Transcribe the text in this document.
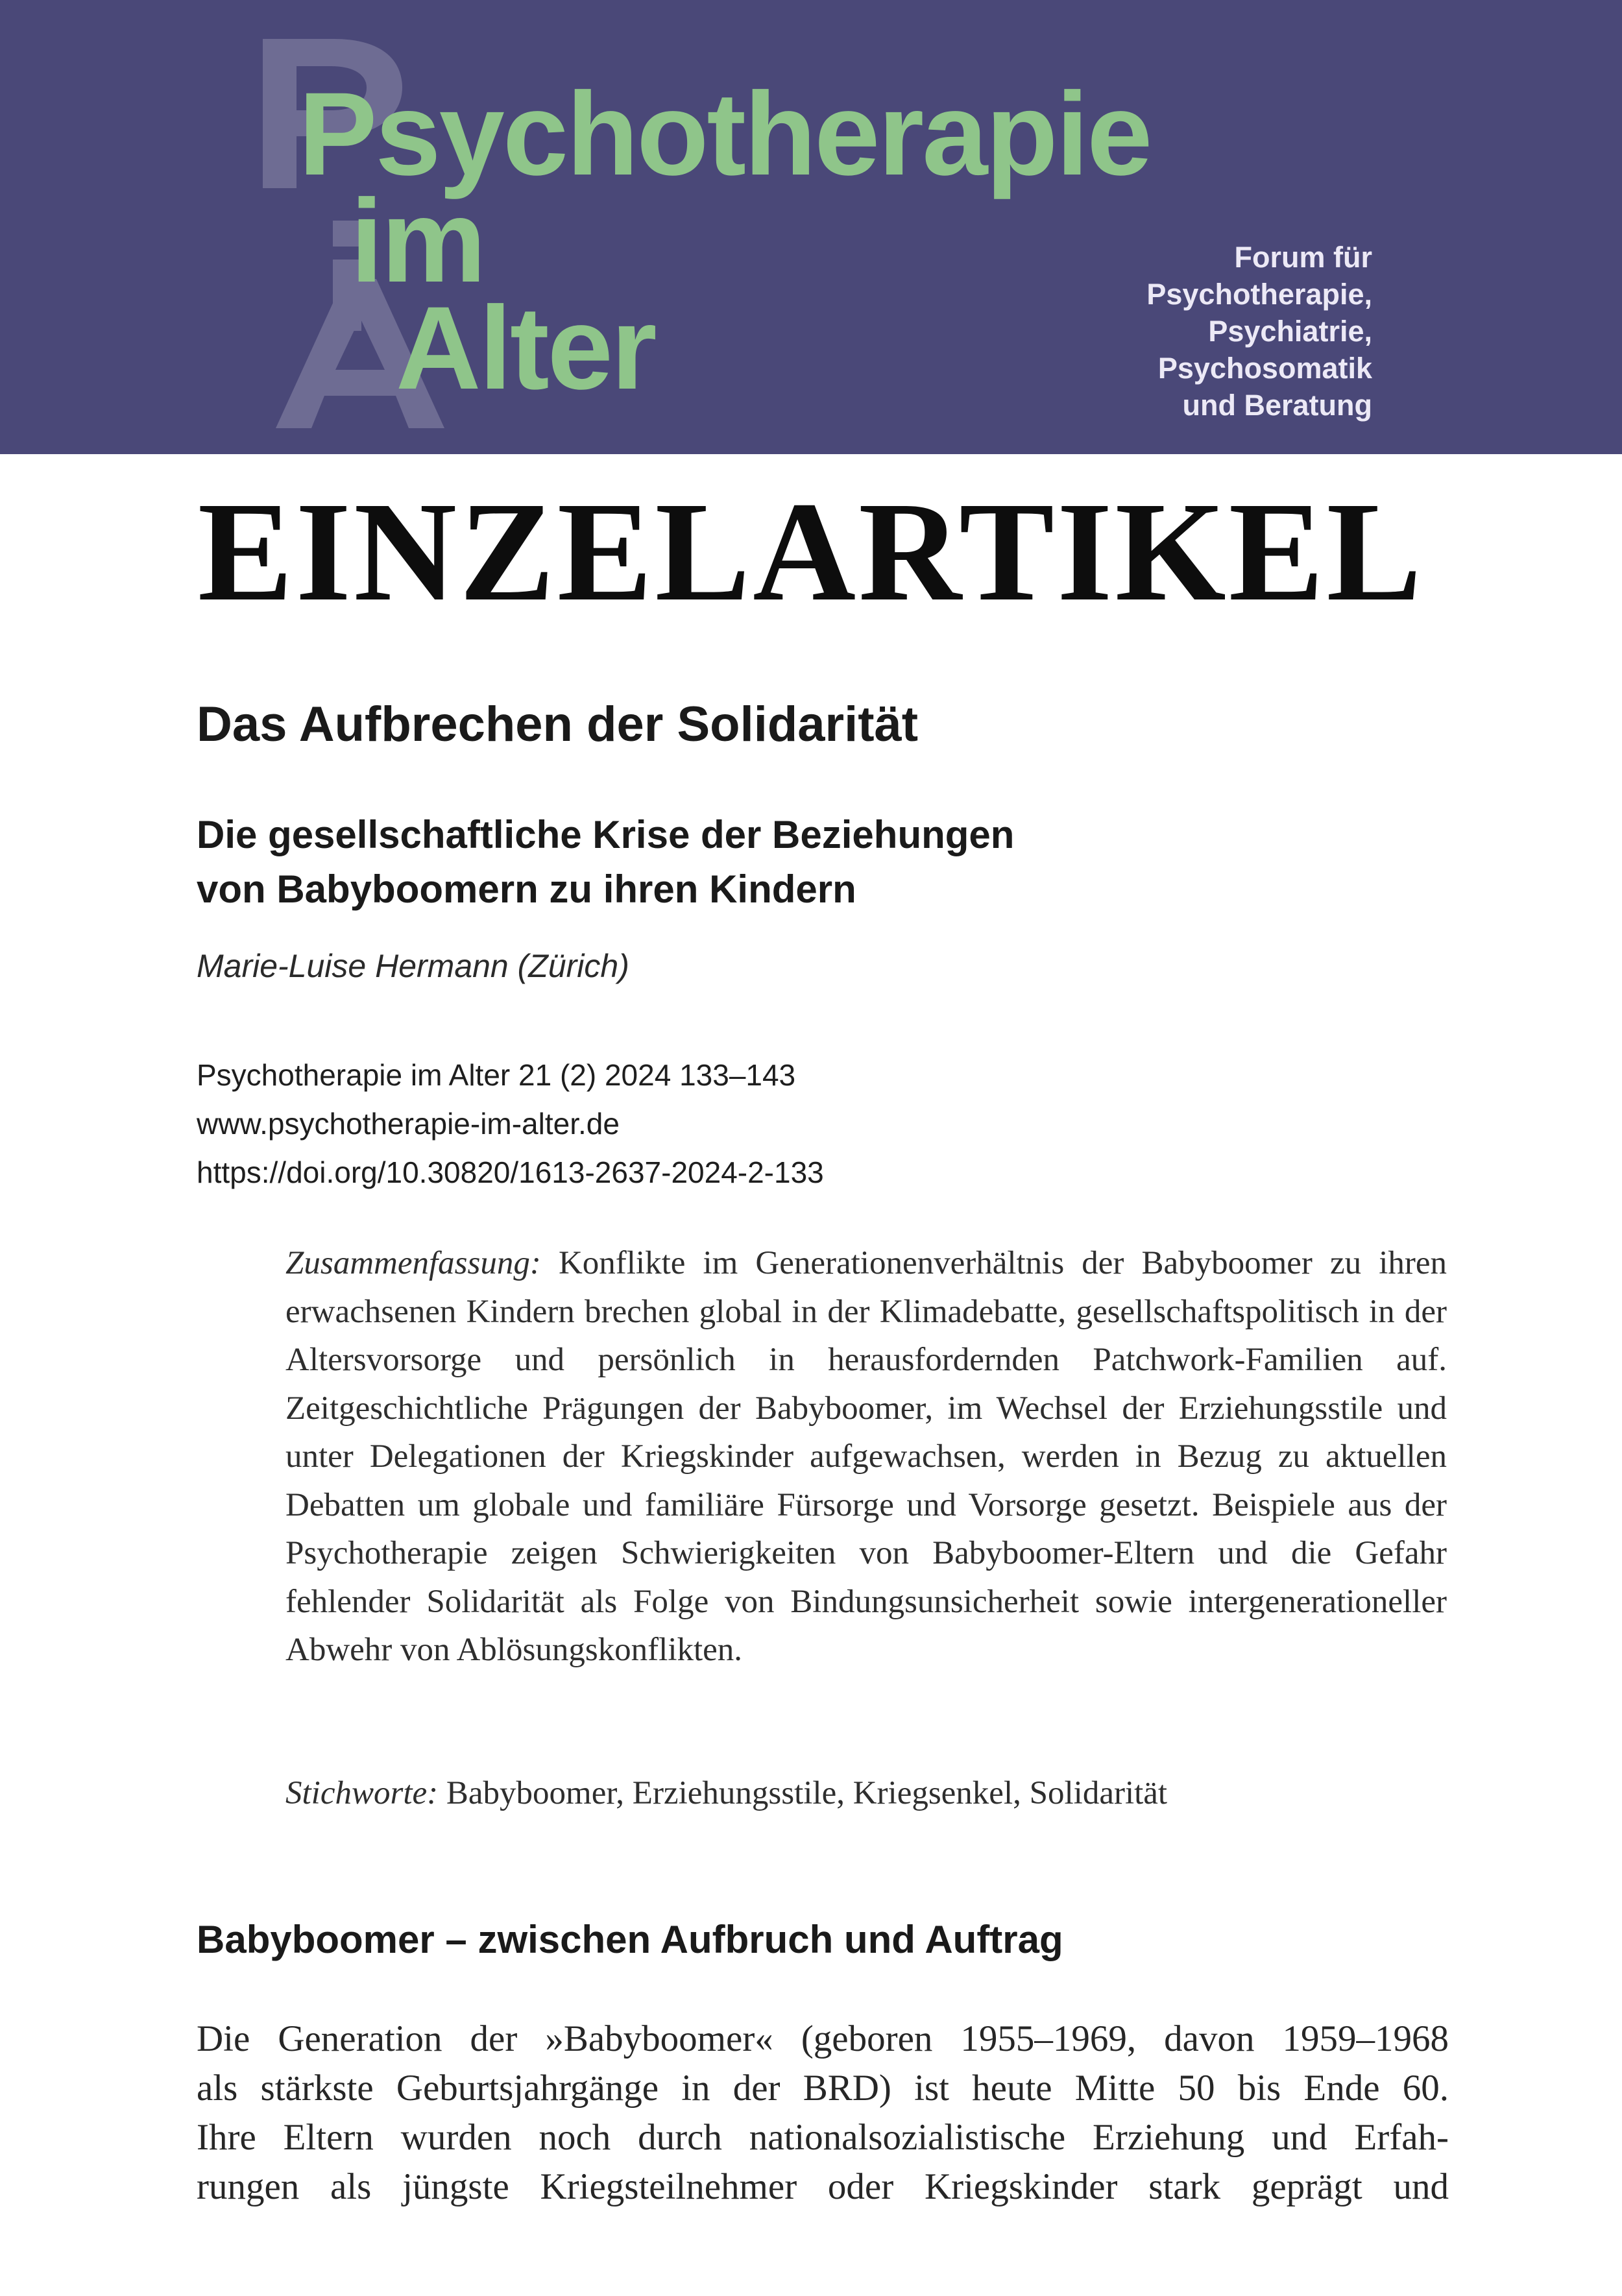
Psychotherapie
im
Alter
Forum für
Psychotherapie,
Psychiatrie,
Psychosomatik
und Beratung
EINZELARTIKEL
Das Aufbrechen der Solidarität
Die gesellschaftliche Krise der Beziehungen
von Babyboomern zu ihren Kindern
Marie-Luise Hermann (Zürich)
Psychotherapie im Alter 21 (2) 2024 133–143
www.psychotherapie-im-alter.de
https://doi.org/10.30820/1613-2637-2024-2-133
Zusammenfassung: Konflikte im Generationenverhältnis der Babyboomer zu ihren erwachsenen Kindern brechen global in der Klimadebatte, gesellschaftspolitisch in der Altersvorsorge und persönlich in herausfordernden Patchwork-Familien auf. Zeitgeschichtliche Prägungen der Babyboomer, im Wechsel der Erziehungsstile und unter Delegationen der Kriegskinder aufgewachsen, werden in Bezug zu aktuellen Debatten um globale und familiäre Fürsorge und Vorsorge gesetzt. Beispiele aus der Psychotherapie zeigen Schwierigkeiten von Babyboomer-Eltern und die Gefahr fehlender Solidarität als Folge von Bindungsunsicherheit sowie intergenerationeller Abwehr von Ablösungskonflikten.
Stichworte: Babyboomer, Erziehungsstile, Kriegsenkel, Solidarität
Babyboomer – zwischen Aufbruch und Auftrag
Die Generation der »Babyboomer« (geboren 1955–1969, davon 1959–1968
als stärkste Geburtsjahrgänge in der BRD) ist heute Mitte 50 bis Ende 60.
Ihre Eltern wurden noch durch nationalsozialistische Erziehung und Erfah-
rungen als jüngste Kriegsteilnehmer oder Kriegskinder stark geprägt und
